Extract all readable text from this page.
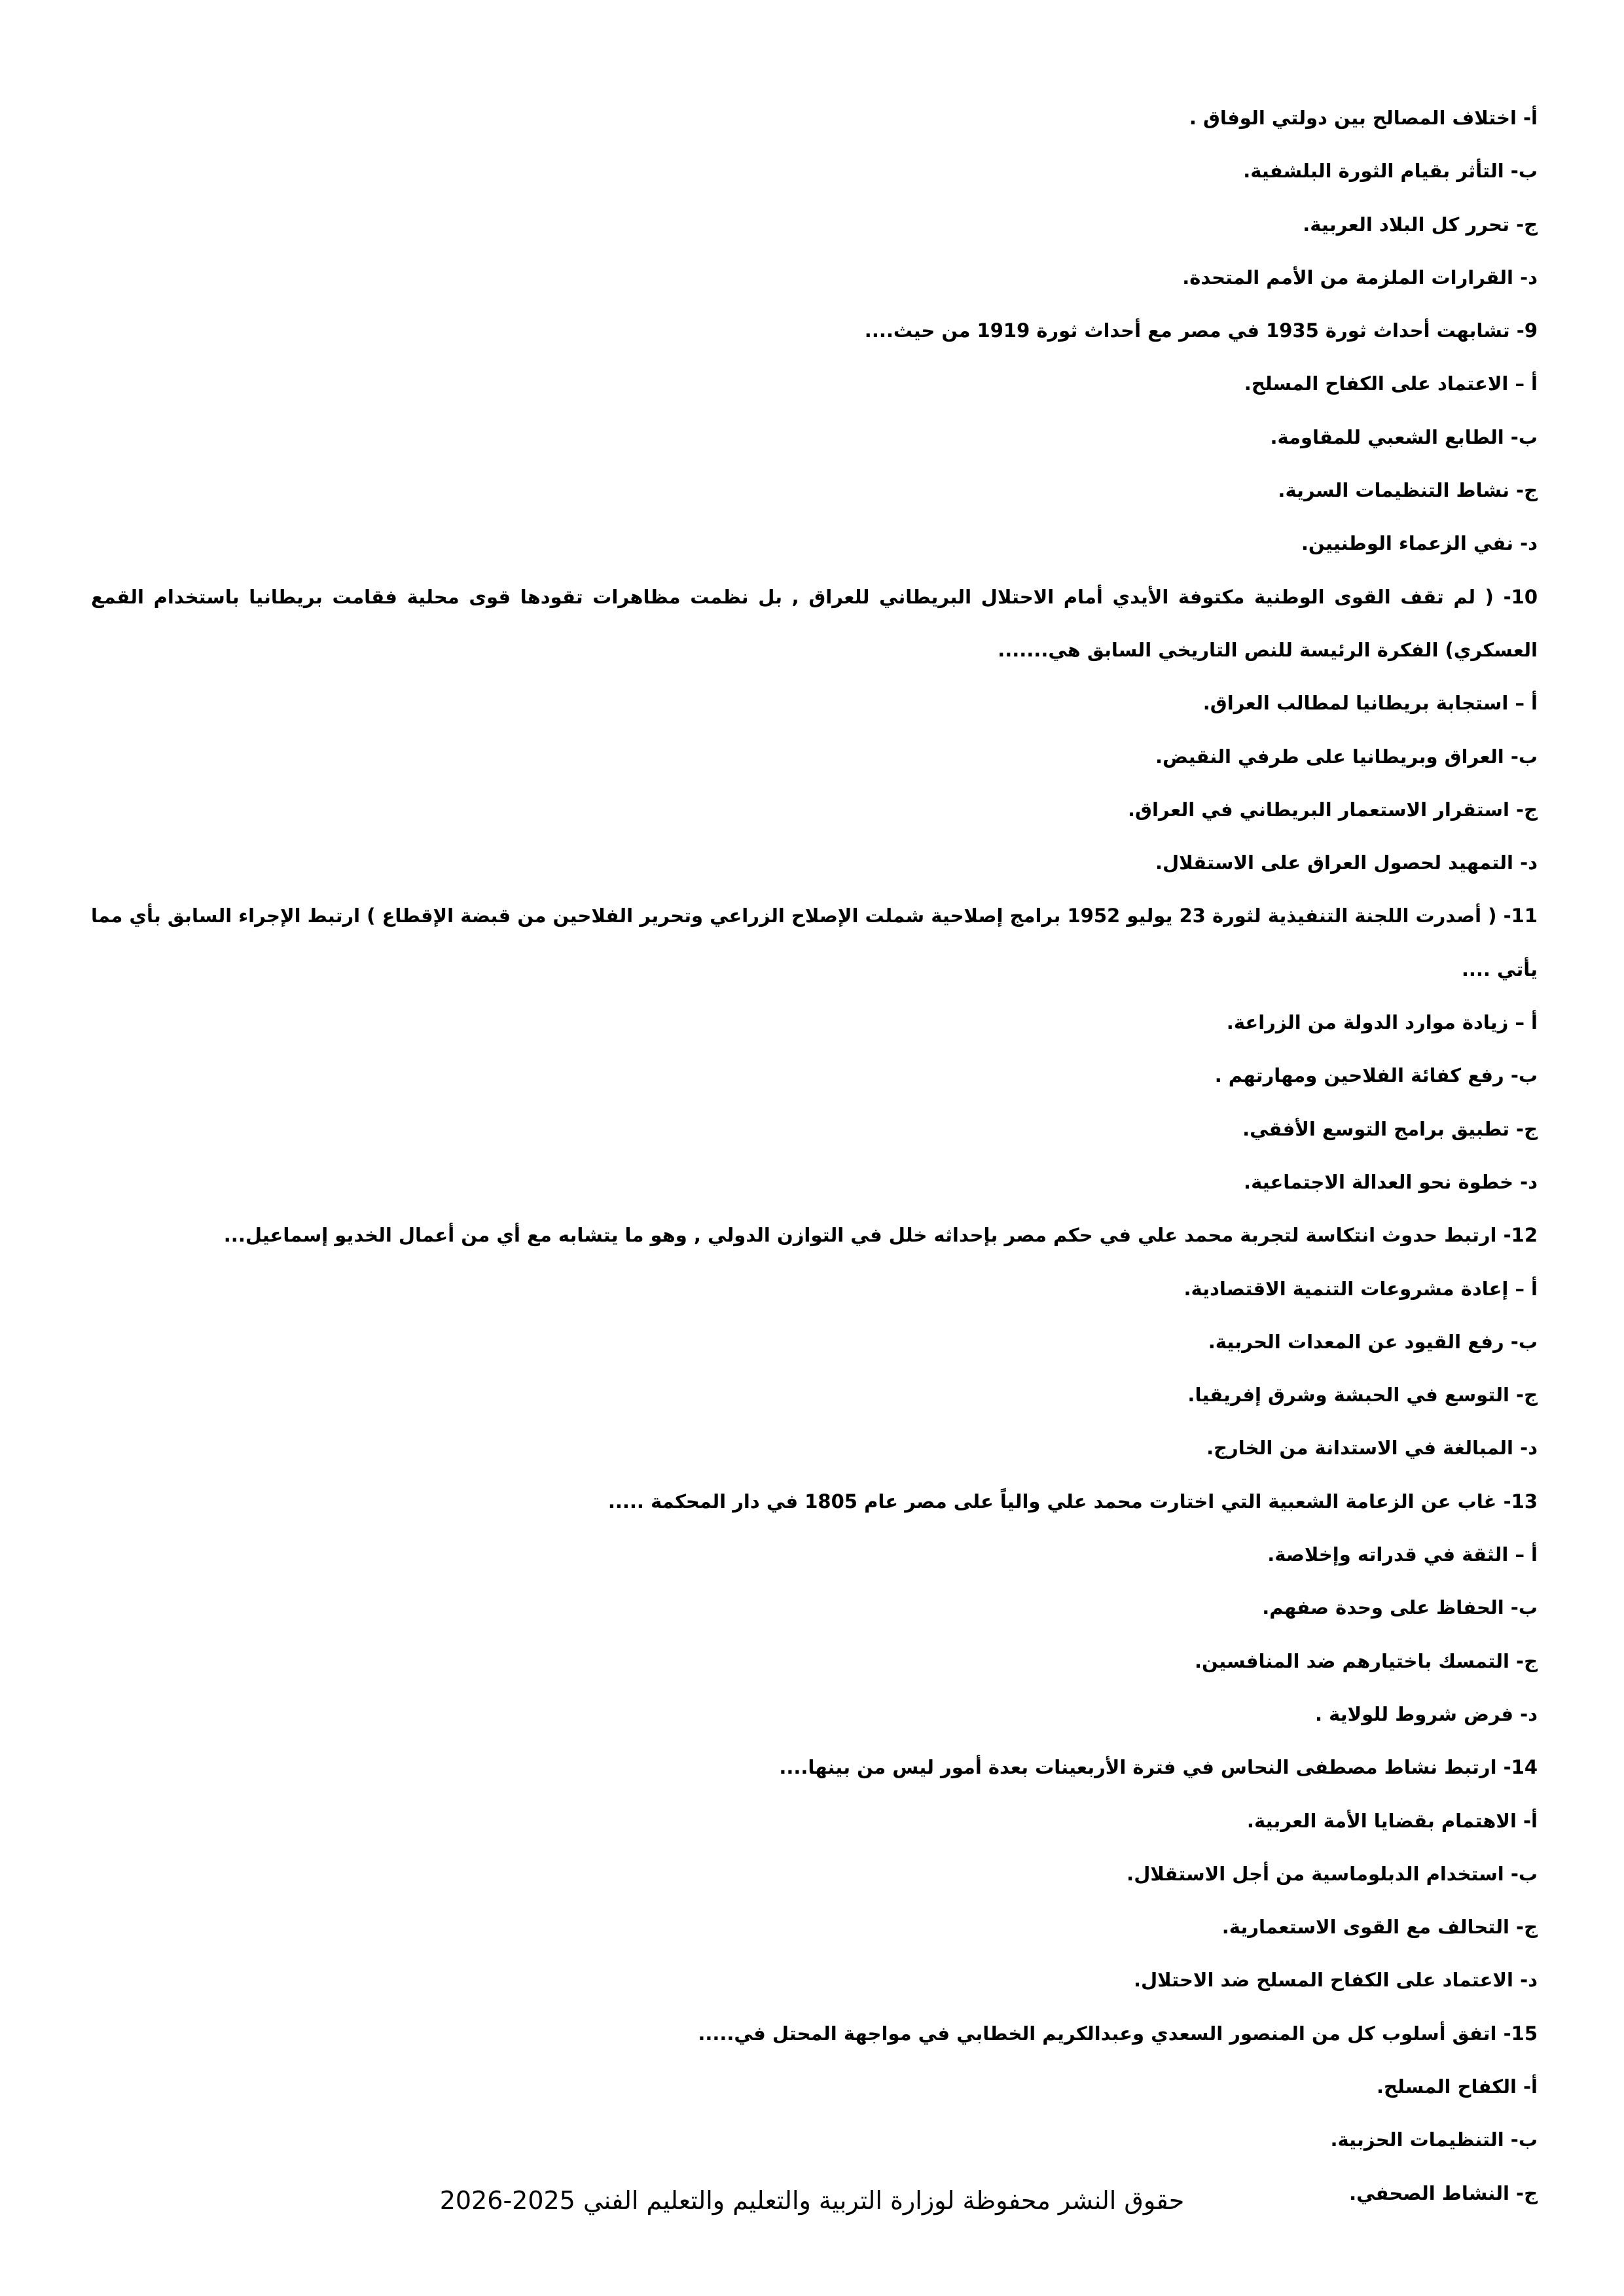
أ- اختلاف المصالح بين دولتي الوفاق .
ب- التأثر بقيام الثورة البلشفية.
ج- تحرر كل البلاد العربية.
د- القرارات الملزمة من الأمم المتحدة.
9- تشابهت أحداث ثورة 1935 في مصر مع أحداث ثورة 1919 من حيث....
أ – الاعتماد على الكفاح المسلح.
ب- الطابع الشعبي للمقاومة.
ج- نشاط التنظيمات السرية.
د- نفي الزعماء الوطنيين.
10- ( لم تقف القوى الوطنية مكتوفة الأيدي أمام الاحتلال البريطاني للعراق , بل نظمت مظاهرات تقودها قوى محلية فقامت بريطانيا باستخدام القمع العسكري) الفكرة الرئيسة للنص التاريخي السابق هي.......
أ – استجابة بريطانيا لمطالب العراق.
ب- العراق وبريطانيا على طرفي النقيض.
ج- استقرار الاستعمار البريطاني في العراق.
د- التمهيد لحصول العراق على الاستقلال.
11- ( أصدرت اللجنة التنفيذية لثورة 23 يوليو 1952 برامج إصلاحية شملت الإصلاح الزراعي وتحرير الفلاحين من قبضة الإقطاع ) ارتبط الإجراء السابق بأي مما يأتي ....
أ – زيادة موارد الدولة من الزراعة.
ب- رفع كفائة الفلاحين ومهارتهم .
ج- تطبيق برامج التوسع الأفقي.
د- خطوة نحو العدالة الاجتماعية.
12- ارتبط حدوث انتكاسة لتجربة محمد علي في حكم مصر بإحداثه خلل في التوازن الدولي , وهو ما يتشابه مع أي من أعمال الخديو إسماعيل...
أ – إعادة مشروعات التنمية الاقتصادية.
ب- رفع القيود عن المعدات الحربية.
ج- التوسع في الحبشة وشرق إفريقيا.
د- المبالغة في الاستدانة من الخارج.
13- غاب عن الزعامة الشعبية التي اختارت محمد علي والياً على مصر عام 1805 في دار المحكمة .....
أ – الثقة في قدراته وإخلاصة.
ب- الحفاظ على وحدة صفهم.
ج- التمسك باختيارهم ضد المنافسين.
د- فرض شروط للولاية .
14- ارتبط نشاط مصطفى النحاس في فترة الأربعينات بعدة أمور ليس من بينها....
أ- الاهتمام بقضايا الأمة العربية.
ب- استخدام الدبلوماسية من أجل الاستقلال.
ج- التحالف مع القوى الاستعمارية.
د- الاعتماد على الكفاح المسلح ضد الاحتلال.
15- اتفق أسلوب كل من المنصور السعدي وعبدالكريم الخطابي في مواجهة المحتل في.....
أ- الكفاح المسلح.
ب- التنظيمات الحزبية.
ج- النشاط الصحفي.
حقوق النشر محفوظة لوزارة التربية والتعليم والتعليم الفني 2025-2026
